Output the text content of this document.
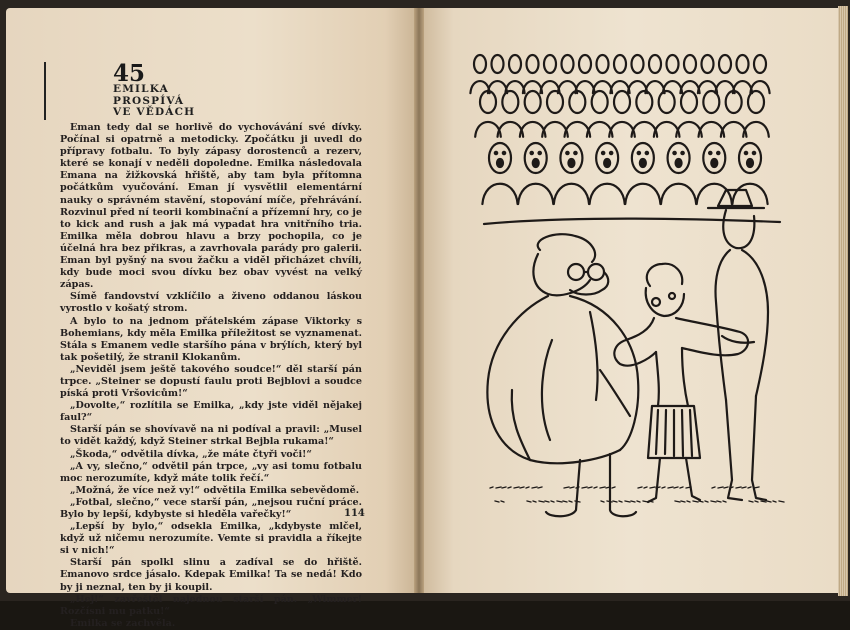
45
EMILKA
PROSPÍVÁ
VE VĚDÁCH

Eman tedy dal se horlivě do vychovávání své dívky. Počínal si opatrně a metodicky. Zpočátku ji uvedl do přípravy fotbalu. To byly zápasy dorostenců a rezerv, které se konají v neděli dopoledne. Emilka následovala Emana na žižkovská hřiště, aby tam byla přítomna počátkům vyučování. Eman jí vysvětlil elementární nauky o správném stavění, stopování míče, přehrávání. Rozvinul před ní teorii kombinační a přízemní hry, co je to kick and rush a jak má vypadat hra vnitřního tria. Emilka měla dobrou hlavu a brzy pochopila, co je účelná hra bez přikras, a zavrhovala parády pro galerii. Eman byl pyšný na svou žačku a viděl přicházet chvíli, kdy bude moci svou dívku bez obav vyvést na velký zápas.

Símě fandovství vzklíčilo a živeno oddanou láskou vyrostlo v košatý strom.

A bylo to na jednom přátelském zápase Viktorky s Bohemians, kdy měla Emilka příležitost se vyznamenat. Stála s Emanem vedle staršího pána v brýlích, který byl tak pošetilý, že stranil Klokanům.

„Neviděl jsem ještě takového soudce!“ děl starší pán trpce. „Steiner se dopustí faulu proti Bejblovi a soudce píská proti Vršovicům!“

„Dovolte,“ rozlítila se Emilka, „kdy jste viděl nějakej faul?“

Starší pán se shovívavě na ni podíval a pravil: „Musel to vidět každý, když Steiner strkal Bejbla rukama!“

„Škoda,“ odvětila dívka, „že máte čtyři voči!“

„A vy, slečno,“ odvětil pán trpce, „vy asi tomu fotbalu moc nerozumíte, když máte tolik řečí.“

„Možná, že více než vy!“ odvětila Emilka sebevědomě.

„Fotbal, slečno,“ vece starší pán, „nejsou ruční práce. Bylo by lepší, kdybyste si hleděla vařečky!“

„Lepší by bylo,“ odsekla Emilka, „kdybyste mlčel, když už ničemu nerozumíte. Vemte si pravidla a říkejte si v nich!“

Starší pán spolkl slinu a zadíval se do hřiště. Emanovo srdce jásalo. Kdepak Emilka! Ta se nedá! Kdo by ji neznal, ten by ji koupil.

„Hej!“ zavřeštěl najednou starší pán. „Wimmer! Rozčísni mu patku!“

Emilka se zachvěla.

114
